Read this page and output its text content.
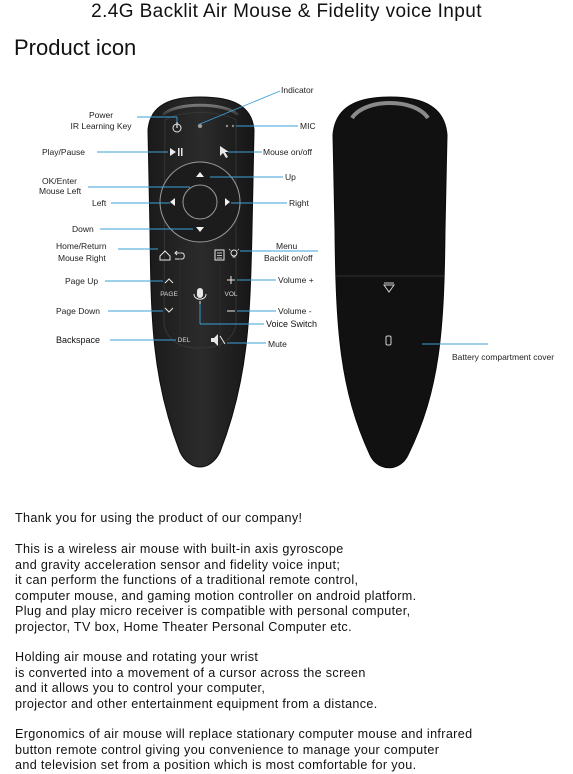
2.4G Backlit Air Mouse & Fidelity voice Input
Product icon
PAGE	VOL
DEL
Power
IR Learning Key
Play/Pause
OK/Enter
Mouse Left
Left
Down
Home/Return
Mouse Right
Page Up
Page Down
Backspace
Indicator
MIC
Mouse on/off
Up
Right
Menu
Backlit on/off
Volume +
Volume -
Voice Switch
Mute
Battery compartment cover
Thank you for using the product of our company!
This is a wireless air mouse with built-in axis gyroscope
and gravity acceleration sensor and fidelity voice input;
it can perform the functions of a traditional remote control,
computer mouse, and gaming motion controller on android platform.
Plug and play micro receiver is compatible with personal computer,
projector, TV box, Home Theater Personal Computer etc.
Holding air mouse and rotating your wrist
is converted into a movement of a cursor across the screen
and it allows you to control your computer,
projector and other entertainment equipment from a distance.
Ergonomics of air mouse will replace stationary computer mouse and infrared
button remote control giving you convenience to manage your computer
and television set from a position which is most comfortable for you.
